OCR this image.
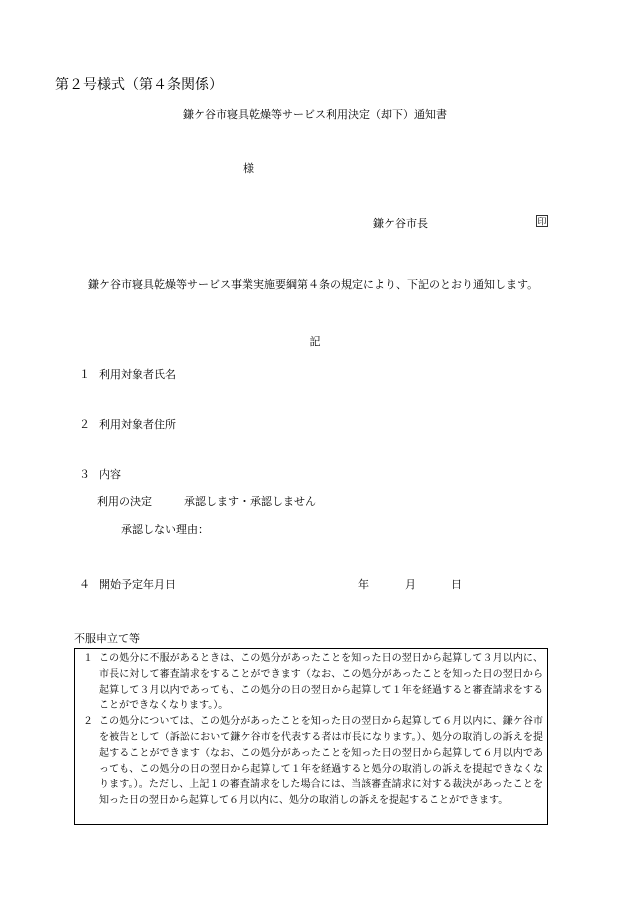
第２号様式（第４条関係）
鎌ケ谷市寝具乾燥等サービス利用決定（却下）通知書
様
鎌ケ谷市長	印
鎌ケ谷市寝具乾燥等サービス事業実施要綱第４条の規定により、下記のとおり通知します。
記
１ 利用対象者氏名
２ 利用対象者住所
３ 内容
利用の決定	承認します・承認しません
承認しない理由：
４ 開始予定年月日	年	月	日
不服申立て等
１ この処分に不服があるときは、この処分があったことを知った日の翌日から起算して３月以内に、市長に対して審査請求をすることができます（なお、この処分があったことを知った日の翌日から起算して３月以内であっても、この処分の日の翌日から起算して１年を経過すると審査請求をすることができなくなります。）。
２ この処分については、この処分があったことを知った日の翌日から起算して６月以内に、鎌ケ谷市を被告として（訴訟において鎌ケ谷市を代表する者は市長になります。）、処分の取消しの訴えを提起することができます（なお、この処分があったことを知った日の翌日から起算して６月以内であっても、この処分の日の翌日から起算して１年を経過すると処分の取消しの訴えを提起できなくなります。）。ただし、上記１の審査請求をした場合には、当該審査請求に対する裁決があったことを知った日の翌日から起算して６月以内に、処分の取消しの訴えを提起することができます。
